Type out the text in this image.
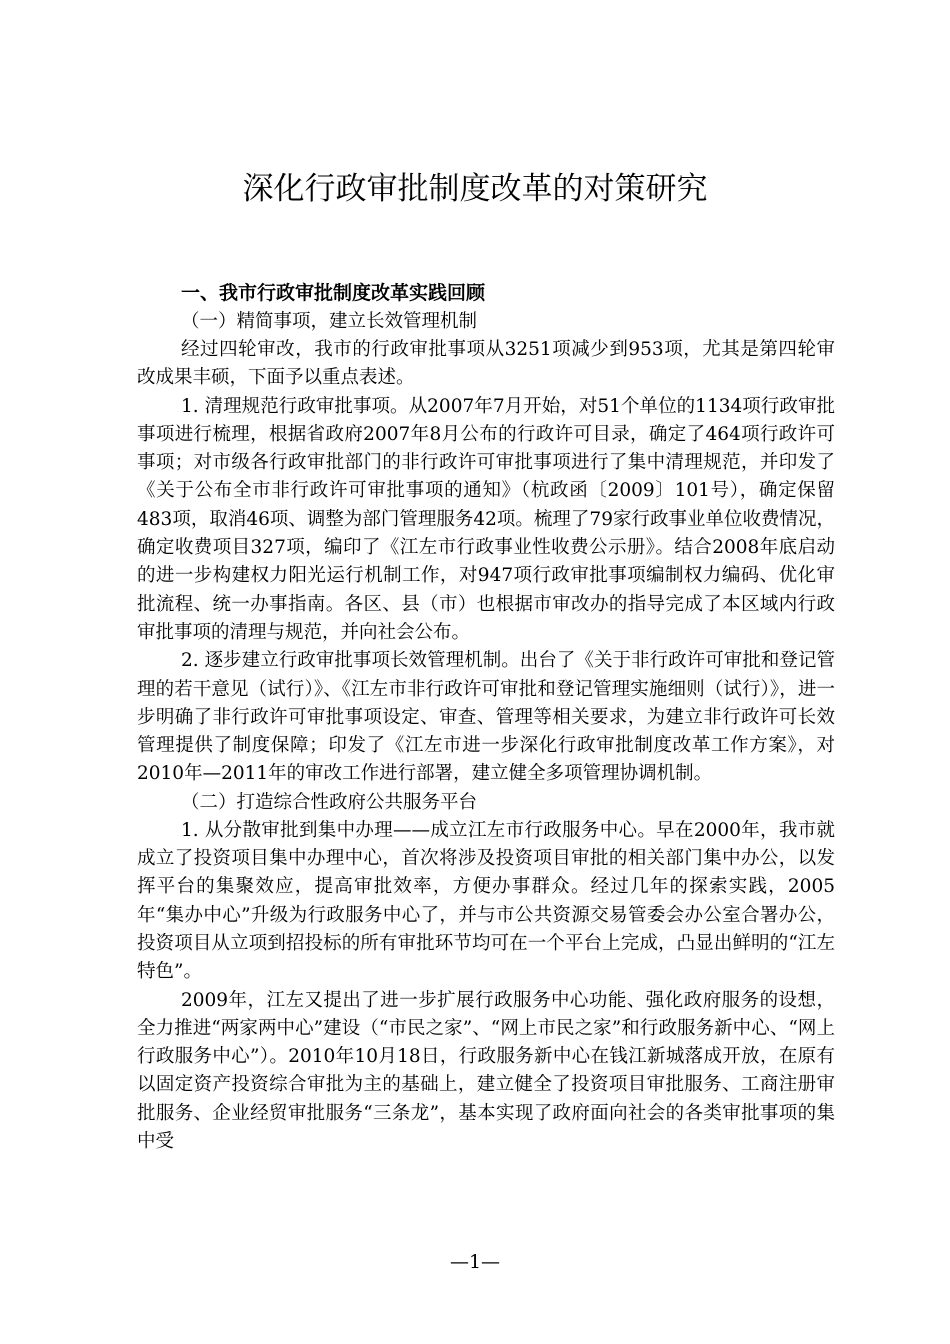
深化行政审批制度改革的对策研究
一、我市行政审批制度改革实践回顾
（一）精简事项，建立长效管理机制

经过四轮审改，我市的行政审批事项从3251项减少到953项，尤其是第四轮审改成果丰硕，下面予以重点表述。

1. 清理规范行政审批事项。从2007年7月开始，对51个单位的1134项行政审批事项进行梳理，根据省政府2007年8月公布的行政许可目录，确定了464项行政许可事项；对市级各行政审批部门的非行政许可审批事项进行了集中清理规范，并印发了《关于公布全市非行政许可审批事项的通知》（杭政函〔2009〕101号），确定保留483项，取消46项、调整为部门管理服务42项。梳理了79家行政事业单位收费情况，确定收费项目327项，编印了《江左市行政事业性收费公示册》。结合2008年底启动的进一步构建权力阳光运行机制工作，对947项行政审批事项编制权力编码、优化审批流程、统一办事指南。各区、县（市）也根据市审改办的指导完成了本区域内行政审批事项的清理与规范，并向社会公布。

2. 逐步建立行政审批事项长效管理机制。出台了《关于非行政许可审批和登记管理的若干意见（试行）》、《江左市非行政许可审批和登记管理实施细则（试行）》，进一步明确了非行政许可审批事项设定、审查、管理等相关要求，为建立非行政许可长效管理提供了制度保障；印发了《江左市进一步深化行政审批制度改革工作方案》，对2010年—2011年的审改工作进行部署，建立健全多项管理协调机制。

（二）打造综合性政府公共服务平台

1. 从分散审批到集中办理——成立江左市行政服务中心。早在2000年，我市就成立了投资项目集中办理中心，首次将涉及投资项目审批的相关部门集中办公，以发挥平台的集聚效应，提高审批效率，方便办事群众。经过几年的探索实践，2005年“集办中心”升级为行政服务中心了，并与市公共资源交易管委会办公室合署办公，投资项目从立项到招投标的所有审批环节均可在一个平台上完成，凸显出鲜明的“江左特色”。

2009年，江左又提出了进一步扩展行政服务中心功能、强化政府服务的设想，全力推进“两家两中心”建设（“市民之家”、“网上市民之家”和行政服务新中心、“网上行政服务中心”）。2010年10月18日，行政服务新中心在钱江新城落成开放，在原有以固定资产投资综合审批为主的基础上，建立健全了投资项目审批服务、工商注册审批服务、企业经贸审批服务“三条龙”，基本实现了政府面向社会的各类审批事项的集中受

—1—
